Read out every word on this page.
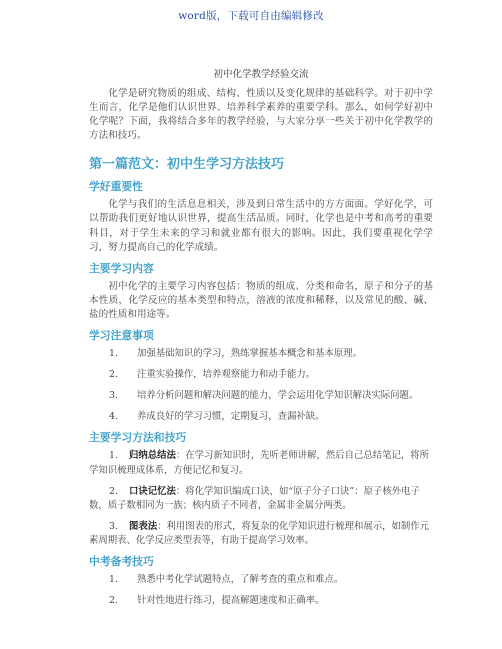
word版，下载可自由编辑修改

初中化学教学经验交流

化学是研究物质的组成、结构、性质以及变化规律的基础科学。对于初中学生而言，化学是他们认识世界、培养科学素养的重要学科。那么，如何学好初中化学呢？下面，我将结合多年的教学经验，与大家分享一些关于初中化学教学的方法和技巧。

第一篇范文：初中生学习方法技巧
学好重要性

化学与我们的生活息息相关，涉及到日常生活中的方方面面。学好化学，可以帮助我们更好地认识世界，提高生活品质。同时，化学也是中考和高考的重要科目，对于学生未来的学习和就业都有很大的影响。因此，我们要重视化学学习，努力提高自己的化学成绩。

主要学习内容

初中化学的主要学习内容包括：物质的组成、分类和命名，原子和分子的基本性质，化学反应的基本类型和特点，溶液的浓度和稀释，以及常见的酸、碱、盐的性质和用途等。

学习注意事项
1. 加强基础知识的学习，熟练掌握基本概念和基本原理。
2. 注重实验操作，培养观察能力和动手能力。
3. 培养分析问题和解决问题的能力，学会运用化学知识解决实际问题。
4. 养成良好的学习习惯，定期复习，查漏补缺。
主要学习方法和技巧
1. 归纳总结法：在学习新知识时，先听老师讲解，然后自己总结笔记，将所学知识梳理成体系，方便记忆和复习。
2. 口诀记忆法：将化学知识编成口诀，如“原子分子口诀”：原子核外电子数，质子数相同为一族；核内质子不同者，金属非金属分两类。
3. 图表法：利用图表的形式，将复杂的化学知识进行梳理和展示，如制作元素周期表、化学反应类型表等，有助于提高学习效率。
中考备考技巧
1. 熟悉中考化学试题特点，了解考查的重点和难点。
2. 针对性地进行练习，提高解题速度和正确率。
